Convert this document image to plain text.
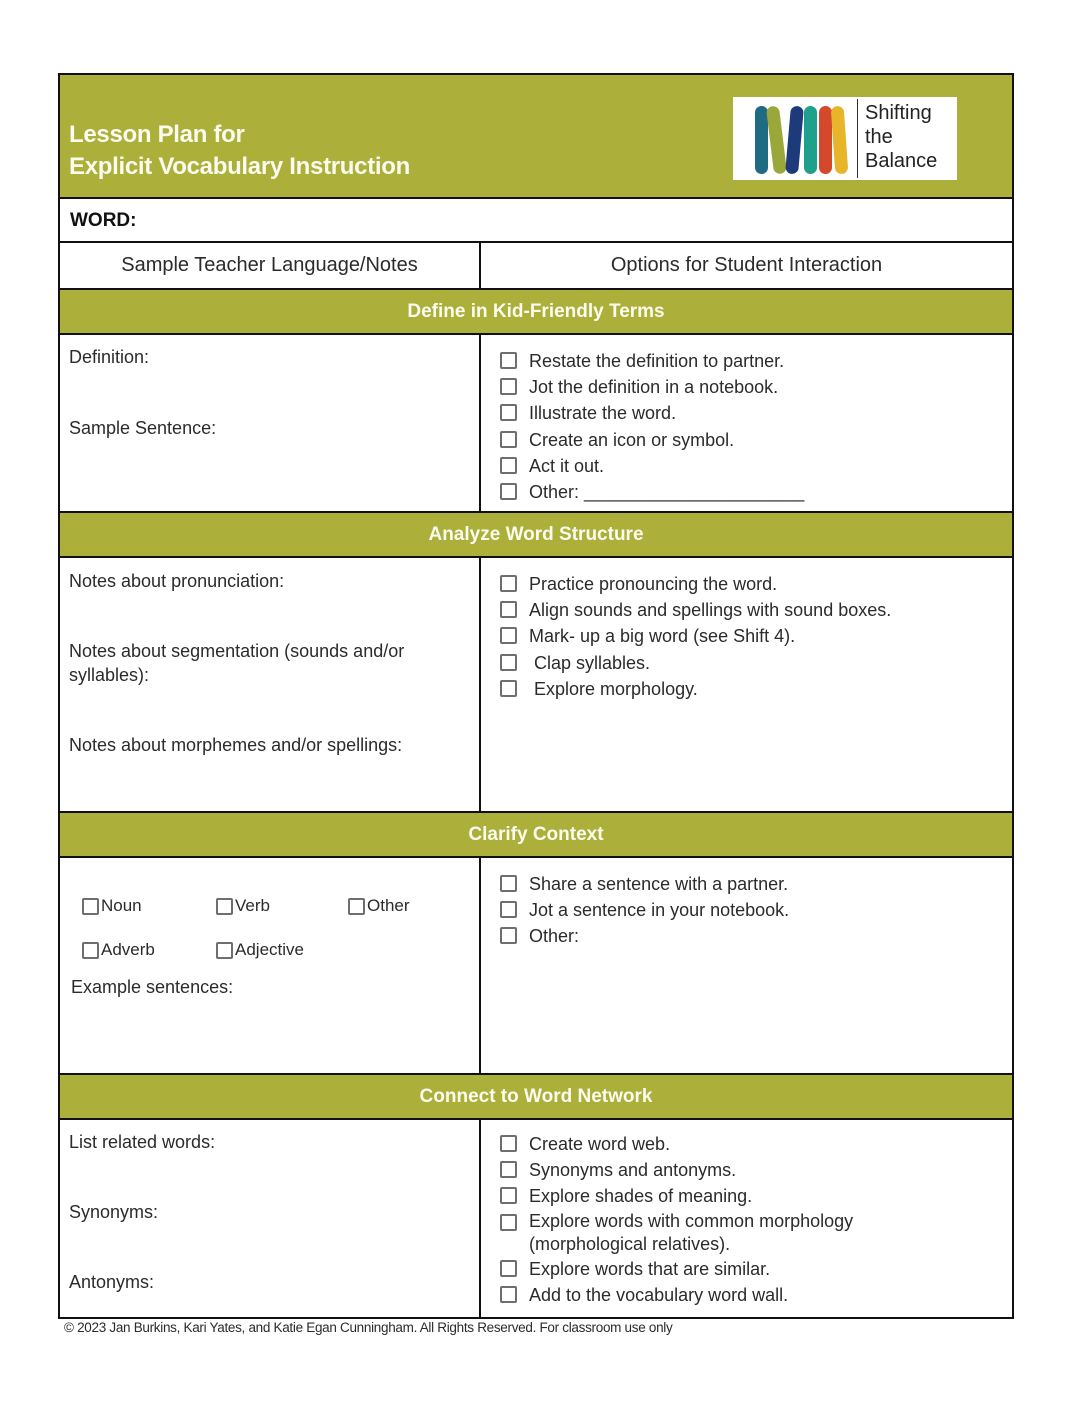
Lesson Plan for
Explicit Vocabulary Instruction
Shifting
the
Balance
WORD:
Sample Teacher Language/Notes	Options for Student Interaction
Define in Kid-Friendly Terms
Definition:
Sample Sentence:
Restate the definition to partner.
Jot the definition in a notebook.
Illustrate the word.
Create an icon or symbol.
Act it out.
Other: ______________________
Analyze Word Structure
Notes about pronunciation:
Notes about segmentation (sounds and/or
syllables):
Notes about morphemes and/or spellings:
Practice pronouncing the word.
Align sounds and spellings with sound boxes.
Mark- up a big word (see Shift 4).
Clap syllables.
Explore morphology.
Clarify Context
Noun	Verb	Other
Adverb	Adjective
Example sentences:
Share a sentence with a partner.
Jot a sentence in your notebook.
Other:
Connect to Word Network
List related words:
Synonyms:
Antonyms:
Create word web.
Synonyms and antonyms.
Explore shades of meaning.
Explore words with common morphology
(morphological relatives).
Explore words that are similar.
Add to the vocabulary word wall.
© 2023 Jan Burkins, Kari Yates, and Katie Egan Cunningham. All Rights Reserved. For classroom use only
